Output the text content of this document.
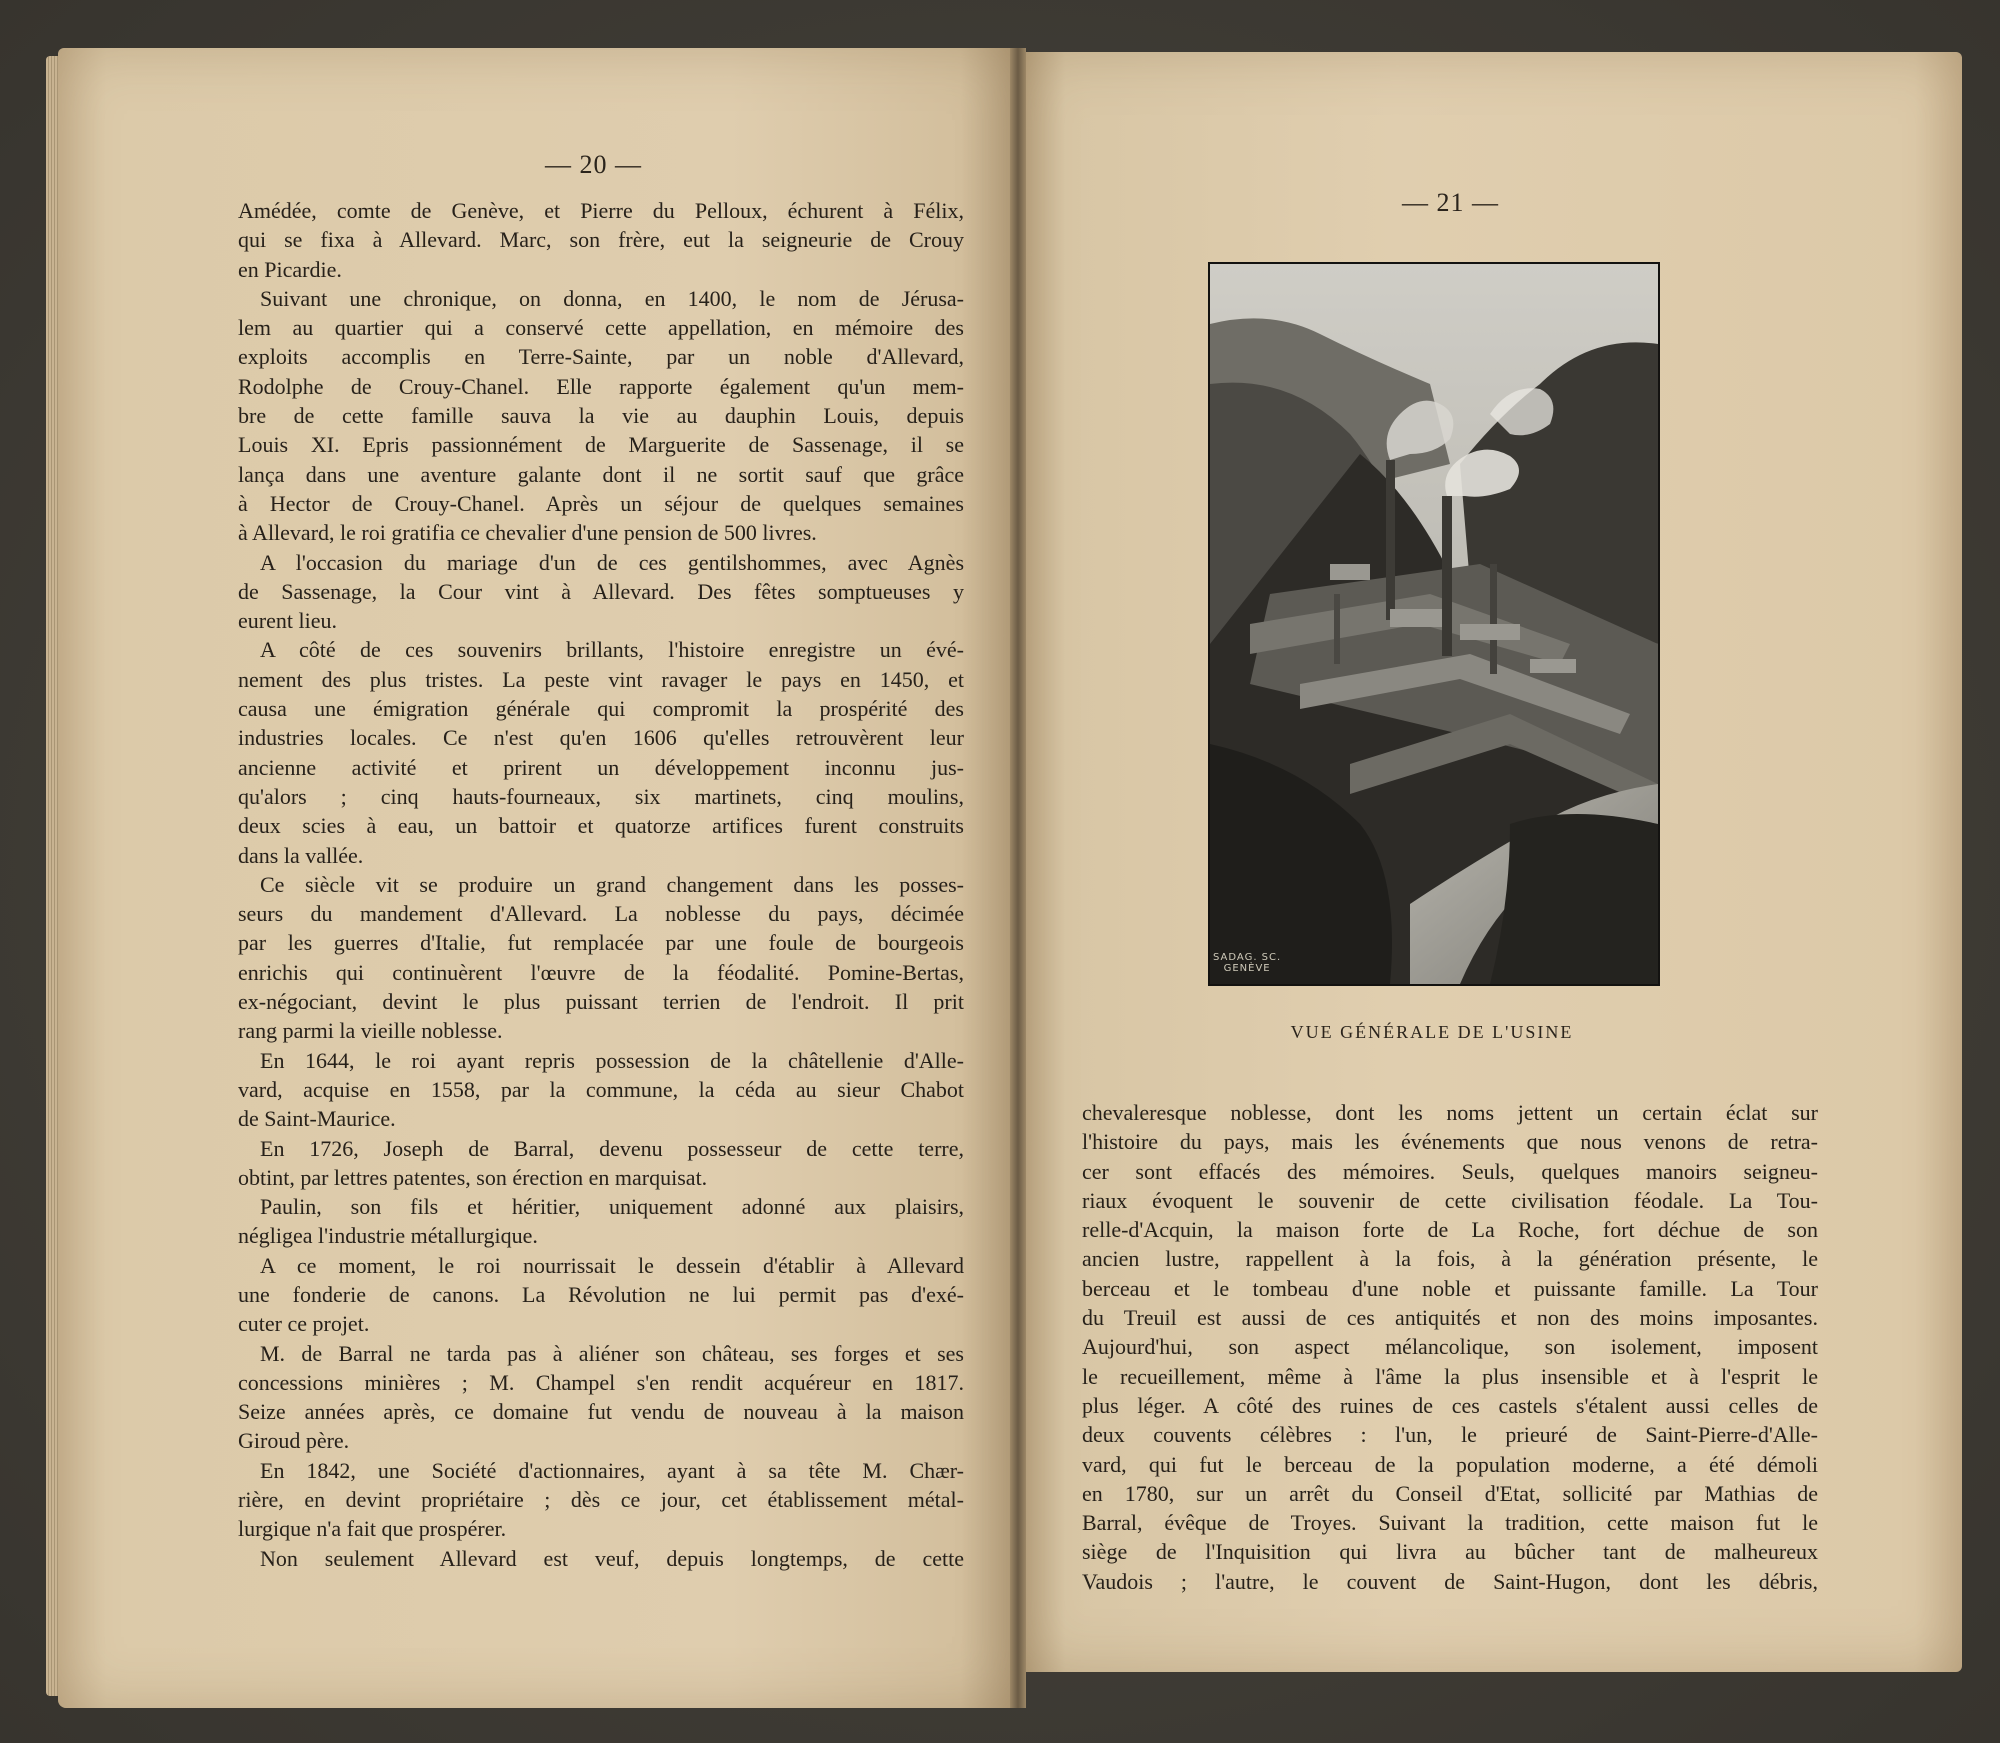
— 20 —
Amédée, comte de Genève, et Pierre du Pelloux, échurent à Félix,
qui se fixa à Allevard. Marc, son frère, eut la seigneurie de Crouy
en Picardie.
Suivant une chronique, on donna, en 1400, le nom de Jérusa-
lem au quartier qui a conservé cette appellation, en mémoire des
exploits accomplis en Terre-Sainte, par un noble d'Allevard,
Rodolphe de Crouy-Chanel. Elle rapporte également qu'un mem-
bre de cette famille sauva la vie au dauphin Louis, depuis
Louis XI. Epris passionnément de Marguerite de Sassenage, il se
lança dans une aventure galante dont il ne sortit sauf que grâce
à Hector de Crouy-Chanel. Après un séjour de quelques semaines
à Allevard, le roi gratifia ce chevalier d'une pension de 500 livres.
A l'occasion du mariage d'un de ces gentilshommes, avec Agnès
de Sassenage, la Cour vint à Allevard. Des fêtes somptueuses y
eurent lieu.
A côté de ces souvenirs brillants, l'histoire enregistre un évé-
nement des plus tristes. La peste vint ravager le pays en 1450, et
causa une émigration générale qui compromit la prospérité des
industries locales. Ce n'est qu'en 1606 qu'elles retrouvèrent leur
ancienne activité et prirent un développement inconnu jus-
qu'alors ; cinq hauts-fourneaux, six martinets, cinq moulins,
deux scies à eau, un battoir et quatorze artifices furent construits
dans la vallée.
Ce siècle vit se produire un grand changement dans les posses-
seurs du mandement d'Allevard. La noblesse du pays, décimée
par les guerres d'Italie, fut remplacée par une foule de bourgeois
enrichis qui continuèrent l'œuvre de la féodalité. Pomine-Bertas,
ex-négociant, devint le plus puissant terrien de l'endroit. Il prit
rang parmi la vieille noblesse.
En 1644, le roi ayant repris possession de la châtellenie d'Alle-
vard, acquise en 1558, par la commune, la céda au sieur Chabot
de Saint-Maurice.
En 1726, Joseph de Barral, devenu possesseur de cette terre,
obtint, par lettres patentes, son érection en marquisat.
Paulin, son fils et héritier, uniquement adonné aux plaisirs,
négligea l'industrie métallurgique.
A ce moment, le roi nourrissait le dessein d'établir à Allevard
une fonderie de canons. La Révolution ne lui permit pas d'exé-
cuter ce projet.
M. de Barral ne tarda pas à aliéner son château, ses forges et ses
concessions minières ; M. Champel s'en rendit acquéreur en 1817.
Seize années après, ce domaine fut vendu de nouveau à la maison
Giroud père.
En 1842, une Société d'actionnaires, ayant à sa tête M. Chær-
rière, en devint propriétaire ; dès ce jour, cet établissement métal-
lurgique n'a fait que prospérer.
Non seulement Allevard est veuf, depuis longtemps, de cette
— 21 —
SADAG. SC.
GENÈVE
VUE GÉNÉRALE DE L'USINE
chevaleresque noblesse, dont les noms jettent un certain éclat sur
l'histoire du pays, mais les événements que nous venons de retra-
cer sont effacés des mémoires. Seuls, quelques manoirs seigneu-
riaux évoquent le souvenir de cette civilisation féodale. La Tou-
relle-d'Acquin, la maison forte de La Roche, fort déchue de son
ancien lustre, rappellent à la fois, à la génération présente, le
berceau et le tombeau d'une noble et puissante famille. La Tour
du Treuil est aussi de ces antiquités et non des moins imposantes.
Aujourd'hui, son aspect mélancolique, son isolement, imposent
le recueillement, même à l'âme la plus insensible et à l'esprit le
plus léger. A côté des ruines de ces castels s'étalent aussi celles de
deux couvents célèbres : l'un, le prieuré de Saint-Pierre-d'Alle-
vard, qui fut le berceau de la population moderne, a été démoli
en 1780, sur un arrêt du Conseil d'Etat, sollicité par Mathias de
Barral, évêque de Troyes. Suivant la tradition, cette maison fut le
siège de l'Inquisition qui livra au bûcher tant de malheureux
Vaudois ; l'autre, le couvent de Saint-Hugon, dont les débris,
